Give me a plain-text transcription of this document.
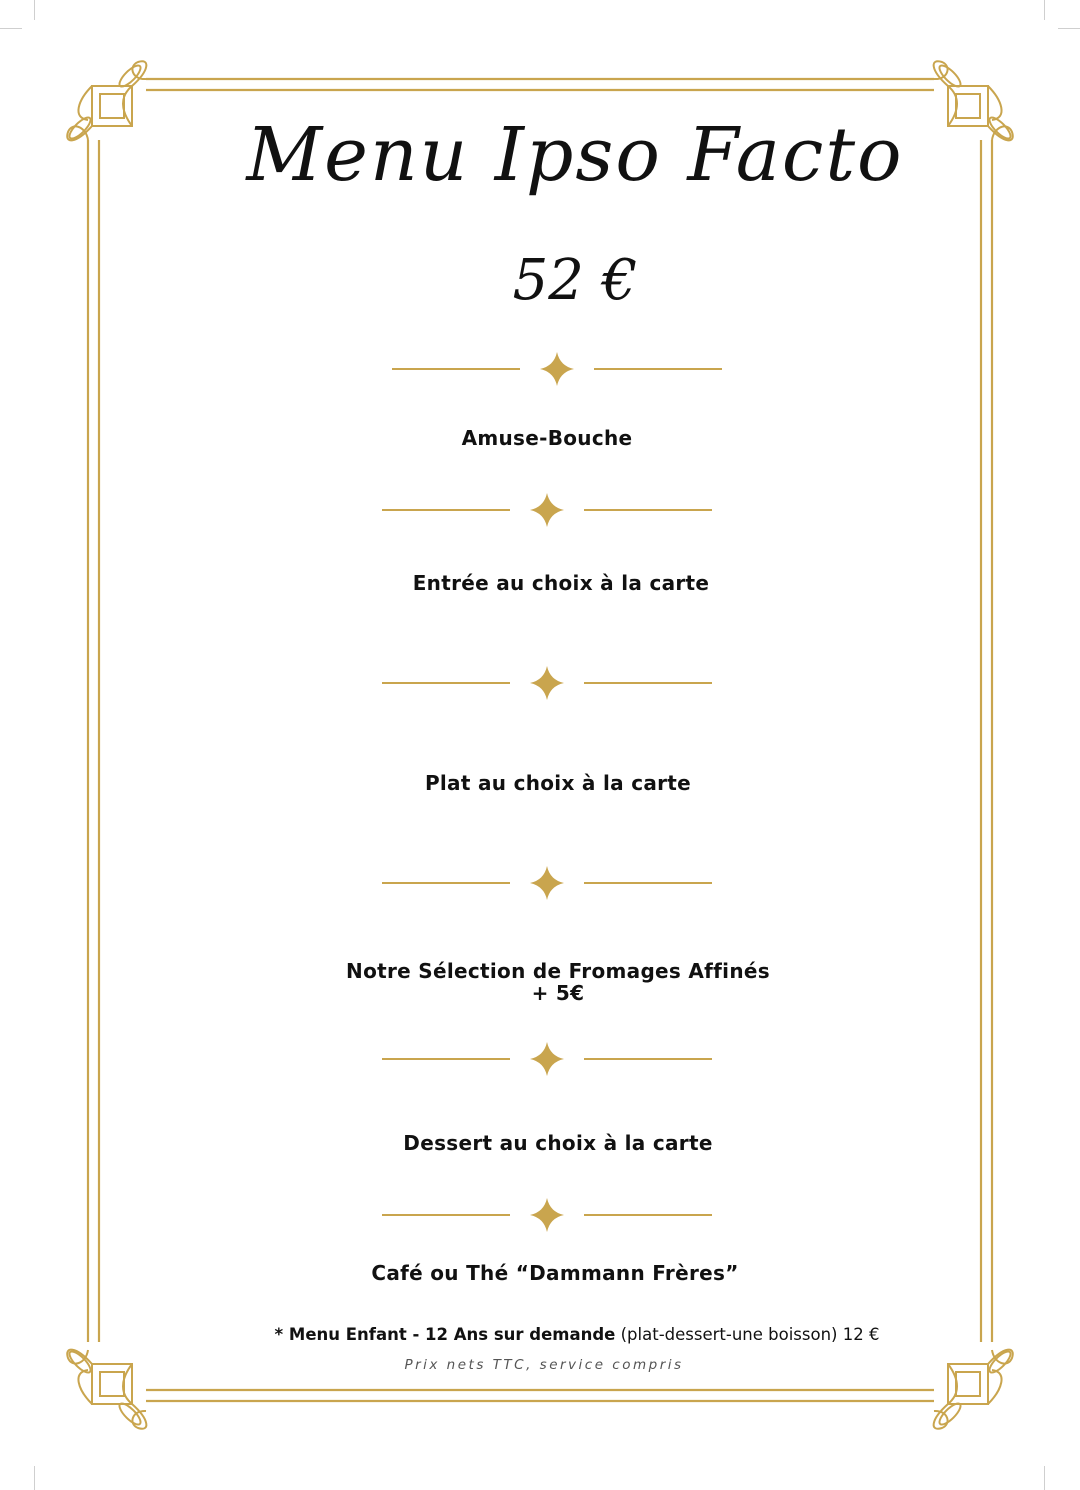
Menu Ipso Facto
52 €
Amuse-Bouche
Entrée au choix à la carte
Plat au choix à la carte
Notre Sélection de Fromages Affinés
+ 5€
Dessert au choix à la carte
Café ou Thé “Dammann Frères”
* Menu Enfant - 12 Ans sur demande (plat-dessert-une boisson) 12 €
Prix nets TTC, service compris
